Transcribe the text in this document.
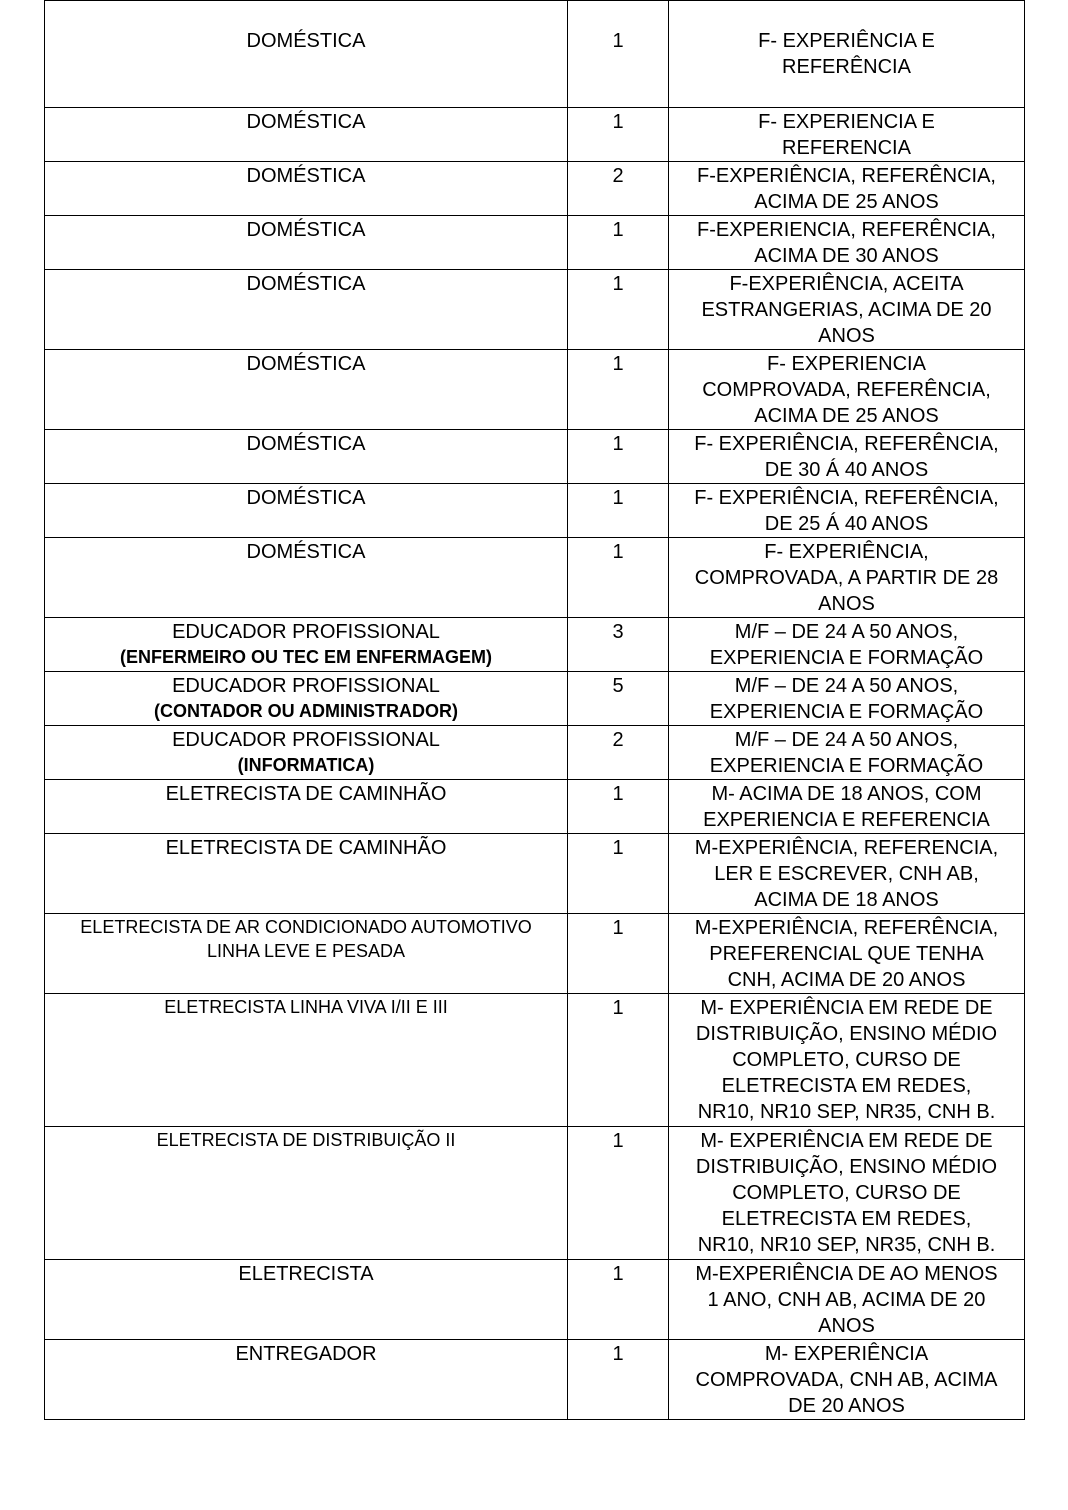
DOMÉSTICA	1	F- EXPERIÊNCIA E
REFERÊNCIA

DOMÉSTICA	1	F- EXPERIENCIA E
REFERENCIA

DOMÉSTICA	2	F-EXPERIÊNCIA, REFERÊNCIA,
ACIMA DE 25 ANOS

DOMÉSTICA	1	F-EXPERIENCIA, REFERÊNCIA,
ACIMA DE 30 ANOS

DOMÉSTICA	1	F-EXPERIÊNCIA, ACEITA
ESTRANGERIAS, ACIMA DE 20
ANOS

DOMÉSTICA	1	F- EXPERIENCIA
COMPROVADA, REFERÊNCIA,
ACIMA DE 25 ANOS

DOMÉSTICA	1	F- EXPERIÊNCIA, REFERÊNCIA,
DE 30 Á 40 ANOS

DOMÉSTICA	1	F- EXPERIÊNCIA, REFERÊNCIA,
DE 25 Á 40 ANOS

DOMÉSTICA	1	F- EXPERIÊNCIA,
COMPROVADA, A PARTIR DE 28
ANOS

EDUCADOR PROFISSIONAL
(ENFERMEIRO OU TEC EM ENFERMAGEM)	3	M/F – DE 24 A 50 ANOS,
EXPERIENCIA E FORMAÇÃO

EDUCADOR PROFISSIONAL
(CONTADOR OU ADMINISTRADOR)	5	M/F – DE 24 A 50 ANOS,
EXPERIENCIA E FORMAÇÃO

EDUCADOR PROFISSIONAL
(INFORMATICA)	2	M/F – DE 24 A 50 ANOS,
EXPERIENCIA E FORMAÇÃO

ELETRECISTA DE CAMINHÃO	1	M- ACIMA DE 18 ANOS, COM
EXPERIENCIA E REFERENCIA

ELETRECISTA DE CAMINHÃO	1	M-EXPERIÊNCIA, REFERENCIA,
LER E ESCREVER, CNH AB,
ACIMA DE 18 ANOS

ELETRECISTA DE AR CONDICIONADO AUTOMOTIVO
LINHA LEVE E PESADA	1	M-EXPERIÊNCIA, REFERÊNCIA,
PREFERENCIAL QUE TENHA
CNH, ACIMA DE 20 ANOS

ELETRECISTA LINHA VIVA I/II E III	1	M- EXPERIÊNCIA EM REDE DE
DISTRIBUIÇÃO, ENSINO MÉDIO
COMPLETO, CURSO DE
ELETRECISTA EM REDES,
NR10, NR10 SEP, NR35, CNH B.

ELETRECISTA DE DISTRIBUIÇÃO II	1	M- EXPERIÊNCIA EM REDE DE
DISTRIBUIÇÃO, ENSINO MÉDIO
COMPLETO, CURSO DE
ELETRECISTA EM REDES,
NR10, NR10 SEP, NR35, CNH B.

ELETRECISTA	1	M-EXPERIÊNCIA DE AO MENOS
1 ANO, CNH AB, ACIMA DE 20
ANOS

ENTREGADOR	1	M- EXPERIÊNCIA
COMPROVADA, CNH AB, ACIMA
DE 20 ANOS
